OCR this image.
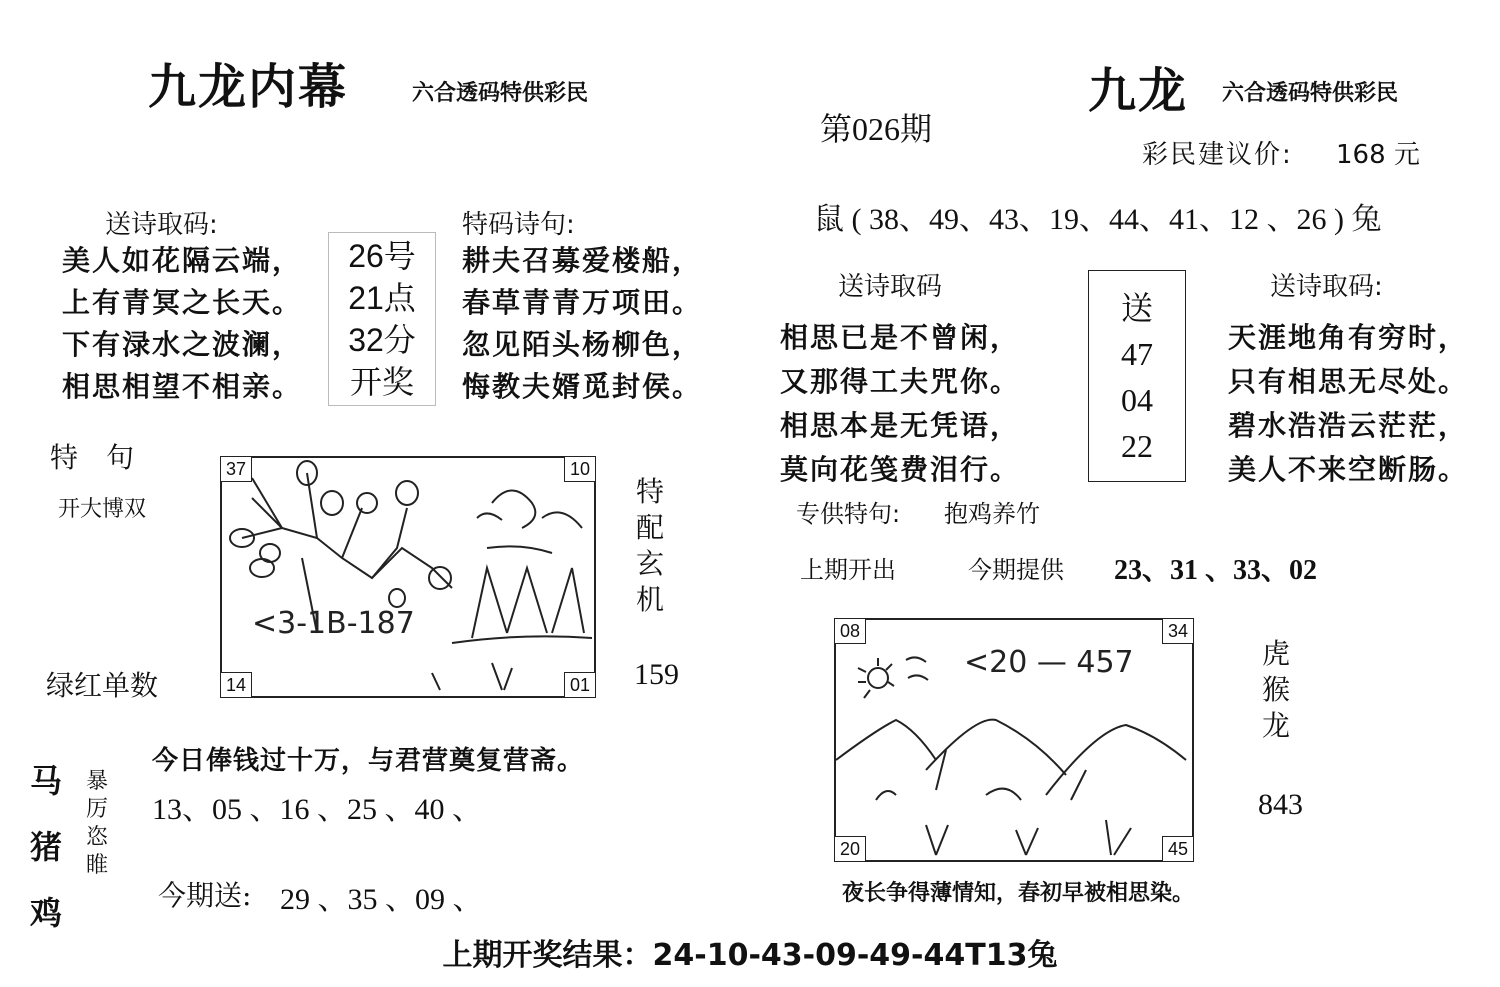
九龙内幕	六合透码特供彩民
送诗取码:
美人如花隔云端，
上有青冥之长天。
下有渌水之波澜，
相思相望不相亲。
26号
21点
32分
开奖
特码诗句:
耕夫召募爱楼船，
春草青青万项田。
忽见陌头杨柳色，
悔教夫婿觅封侯。
特　句
开大博双
<3-1B-187
37	10
14	01
特
配
玄
机
159
绿红单数
马
猪
鸡
暴
厉
恣
睢
今日俸钱过十万，与君营奠复营斋。
13、05 、16 、25 、40 、
今期送: 29 、35 、09 、
第026期
九龙 六合透码特供彩民
彩民建议价: 168 元
鼠 ( 38、49、43、19、44、41、12 、26 ) 兔
送诗取码
相思已是不曾闲，
又那得工夫咒你。
相思本是无凭语，
莫向花笺费泪行。
送
47
04
22
送诗取码:
天涯地角有穷时，
只有相思无尽处。
碧水浩浩云茫茫，
美人不来空断肠。
专供特句: 抱鸡养竹
上期开出	今期提供 23、31 、33、02
<20 — 457
08	34
20	45
虎
猴
龙
843
夜长争得薄情知，春初早被相思染。
上期开奖结果：24-10-43-09-49-44T13兔
